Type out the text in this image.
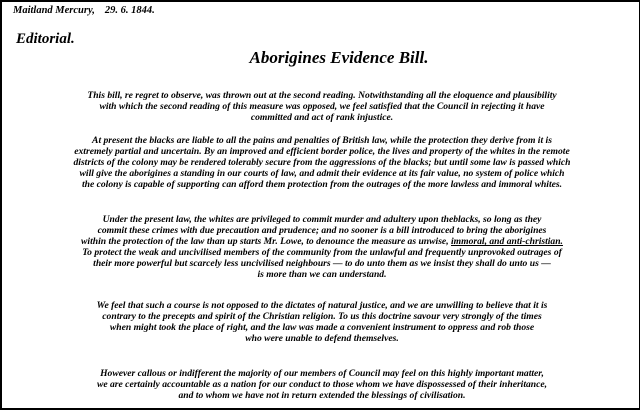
Maitland Mercury, 29. 6. 1844.
Editorial.
Aborigines Evidence Bill.
This bill, re regret to observe, was thrown out at the second reading. Notwithstanding all the eloquence and plausibility
with which the second reading of this measure was opposed, we feel satisfied that the Council in rejecting it have
committed and act of rank injustice.
At present the blacks are liable to all the pains and penalties of British law, while the protection they derive from it is
extremely partial and uncertain. By an improved and efficient border police, the lives and property of the whites in the remote
districts of the colony may be rendered tolerably secure from the aggressions of the blacks; but until some law is passed which
will give the aborigines a standing in our courts of law, and admit their evidence at its fair value, no system of police which
the colony is capable of supporting can afford them protection from the outrages of the more lawless and immoral whites.
Under the present law, the whites are privileged to commit murder and adultery upon theblacks, so long as they
commit these crimes with due precaution and prudence; and no sooner is a bill introduced to bring the aborigines
within the protection of the law than up starts Mr. Lowe, to denounce the measure as unwise, immoral, and anti-christian.
To protect the weak and uncivilised members of the community from the unlawful and frequently unprovoked outrages of
their more powerful but scarcely less uncivilised neighbours — to do unto them as we insist they shall do unto us —
is more than we can understand.
We feel that such a course is not opposed to the dictates of natural justice, and we are unwilling to believe that it is
contrary to the precepts and spirit of the Christian religion. To us this doctrine savour very strongly of the times
when might took the place of right, and the law was made a convenient instrument to oppress and rob those
who were unable to defend themselves.
However callous or indifferent the majority of our members of Council may feel on this highly important matter,
we are certainly accountable as a nation for our conduct to those whom we have dispossessed of their inheritance,
and to whom we have not in return extended the blessings of civilisation.
